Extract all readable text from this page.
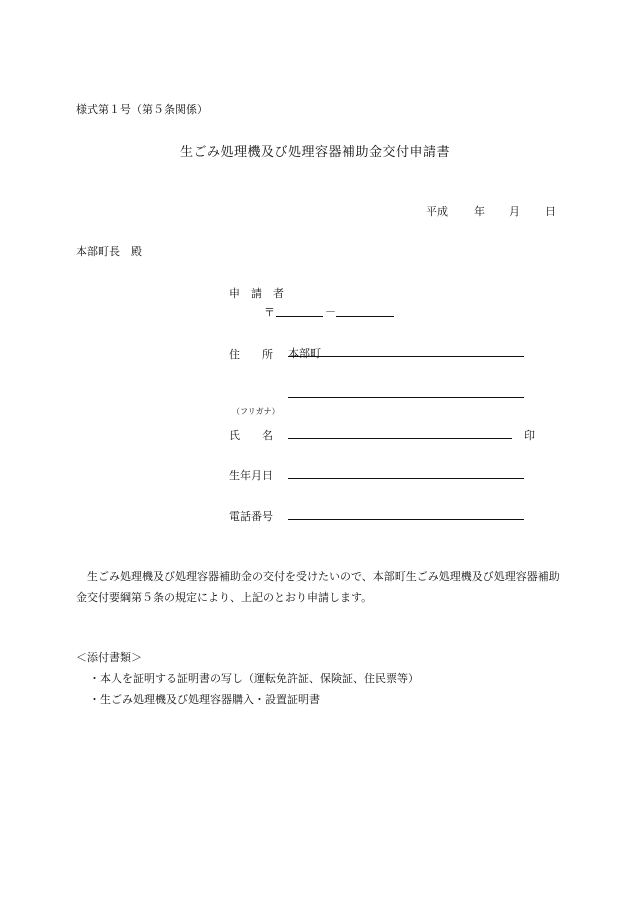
様式第１号（第５条関係）
生ごみ処理機及び処理容器補助金交付申請書
平成 年 月 日
本部町長　殿
申　請　者
〒	－
住　　所 本部町
（フリガナ）
氏　　名	印
生年月日
電話番号
生ごみ処理機及び処理容器補助金の交付を受けたいので、本部町生ごみ処理機及び処理容器補助金交付要綱第５条の規定により、上記のとおり申請します。
＜添付書類＞
・本人を証明する証明書の写し（運転免許証、保険証、住民票等）
・生ごみ処理機及び処理容器購入・設置証明書
